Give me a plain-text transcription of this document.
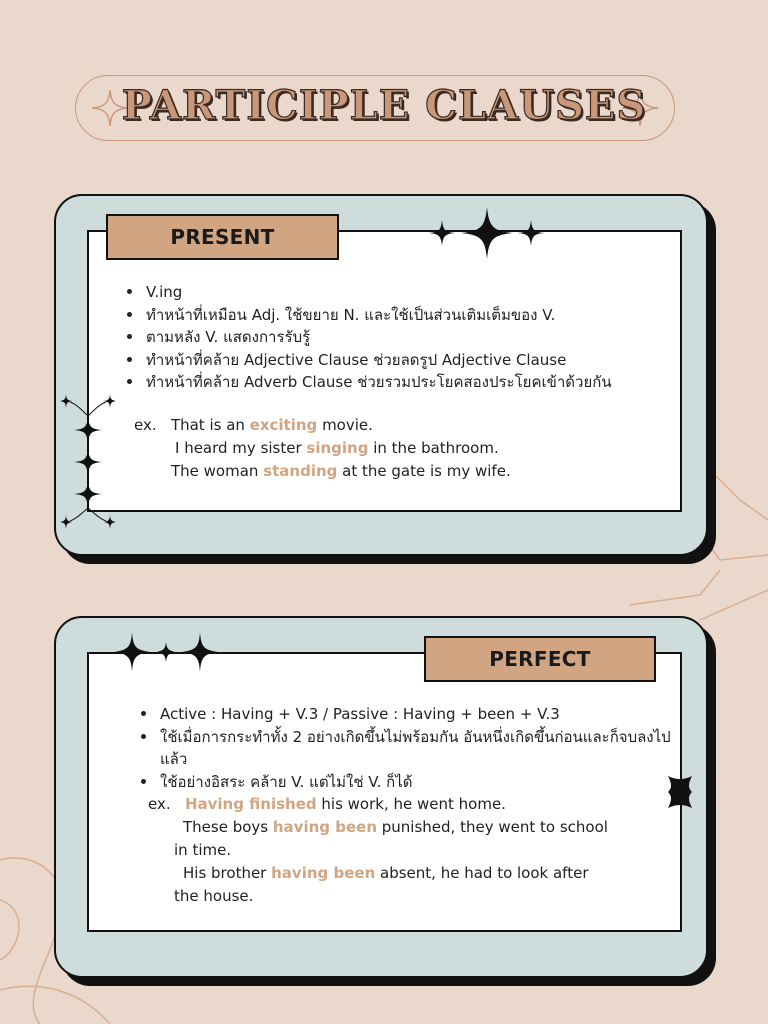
PARTICIPLE CLAUSES
PRESENT
• V.ing
• ทำหน้าที่เหมือน Adj. ใช้ขยาย N. และใช้เป็นส่วนเติมเต็มของ V.
• ตามหลัง V. แสดงการรับรู้
• ทำหน้าที่คล้าย Adjective Clause ช่วยลดรูป Adjective Clause
• ทำหน้าที่คล้าย Adverb Clause ช่วยรวมประโยคสองประโยคเข้าด้วยกัน
ex. That is an exciting movie.
I heard my sister singing in the bathroom.
The woman standing at the gate is my wife.
PERFECT
• Active : Having + V.3 / Passive : Having + been + V.3
• ใช้เมื่อการกระทำทั้ง 2 อย่างเกิดขึ้นไม่พร้อมกัน อันหนึ่งเกิดขึ้นก่อนและก็จบลงไปแล้ว
• ใช้อย่างอิสระ คล้าย V. แต่ไม่ใช่ V. ก็ได้
ex. Having finished his work, he went home.
These boys having been punished, they went to school
in time.
His brother having been absent, he had to look after
the house.
